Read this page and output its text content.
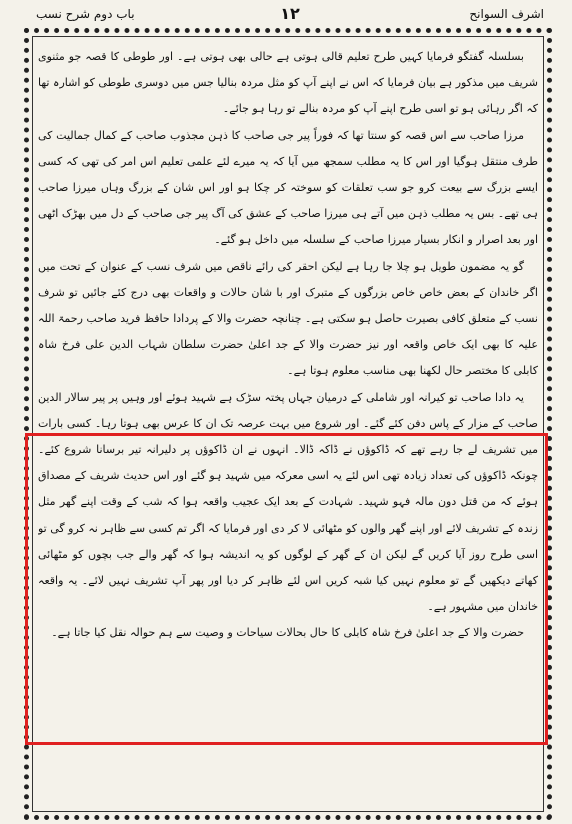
اشرف السوانح
۱۲
باب دوم شرح نسب

بسلسلہ گفتگو فرمایا کہیں طرح تعلیم قالی ہوتی ہے حالی بھی ہوتی ہے۔ اور طوطی کا قصہ جو مثنوی شریف میں مذکور ہے بیان فرمایا کہ اس نے اپنے آپ کو مثل مردہ بنالیا جس میں دوسری طوطی کو اشارہ تھا کہ اگر رہائی ہو تو اسی طرح اپنے آپ کو مردہ بنالے تو رہا ہو جائے۔

مرزا صاحب سے اس قصہ کو سنتا تھا کہ فوراً پیر جی صاحب کا ذہن مجذوب صاحب کے کمال جمالیت کی طرف منتقل ہوگیا اور اس کا یہ مطلب سمجھ میں آیا کہ یہ میرے لئے علمی تعلیم اس امر کی تھی کہ کسی ایسے بزرگ سے بیعت کرو جو سب تعلقات کو سوختہ کر چکا ہو اور اس شان کے بزرگ وہاں میرزا صاحب ہی تھے۔ بس یہ مطلب ذہن میں آتے ہی میرزا صاحب کے عشق کی آگ پیر جی صاحب کے دل میں بھڑک اٹھی اور بعد اصرار و انکار بسیار میرزا صاحب کے سلسلہ میں داخل ہو گئے۔

گو یہ مضمون طویل ہو چلا جا رہا ہے لیکن احقر کی رائے ناقص میں شرف نسب کے عنوان کے تحت میں اگر خاندان کے بعض خاص خاص بزرگوں کے متبرک اور با شان حالات و واقعات بھی درج کئے جائیں تو شرف نسب کے متعلق کافی بصیرت حاصل ہو سکتی ہے۔ چنانچہ حضرت والا کے پردادا حافظ فرید صاحب رحمۃ اللہ علیہ کا بھی ایک خاص واقعہ اور نیز حضرت والا کے جد اعلیٰ حضرت سلطان شہاب الدین علی فرخ شاہ کابلی کا مختصر حال لکھنا بھی مناسب معلوم ہوتا ہے۔

یہ دادا صاحب تو کیرانہ اور شاملی کے درمیان جہاں پختہ سڑک ہے شہید ہوئے اور وہیں پر پیر سالار الدین صاحب کے مزار کے پاس دفن کئے گئے۔ اور شروع میں بہت عرصہ تک ان کا عرس بھی ہوتا رہا۔ کسی بارات میں تشریف لے جا رہے تھے کہ ڈاکوؤں نے ڈاکہ ڈالا۔ انہوں نے ان ڈاکوؤں پر دلیرانہ تیر برسانا شروع کئے۔ چونکہ ڈاکوؤں کی تعداد زیادہ تھی اس لئے یہ اسی معرکہ میں شہید ہو گئے اور اس حدیث شریف کے مصداق ہوئے کہ من قتل دون مالہ فہو شہید۔ شہادت کے بعد ایک عجیب واقعہ ہوا کہ شب کے وقت اپنے گھر مثل زندہ کے تشریف لائے اور اپنے گھر والوں کو مٹھائی لا کر دی اور فرمایا کہ اگر تم کسی سے ظاہر نہ کرو گی تو اسی طرح روز آیا کریں گے لیکن ان کے گھر کے لوگوں کو یہ اندیشہ ہوا کہ گھر والے جب بچوں کو مٹھائی کھاتے دیکھیں گے تو معلوم نہیں کیا شبہ کریں اس لئے ظاہر کر دیا اور پھر آپ تشریف نہیں لائے۔ یہ واقعہ خاندان میں مشہور ہے۔

حضرت والا کے جد اعلیٰ فرخ شاہ کابلی کا حال بحالات سیاحات و وصیت سے ہم حوالہ نقل کیا جاتا ہے۔
